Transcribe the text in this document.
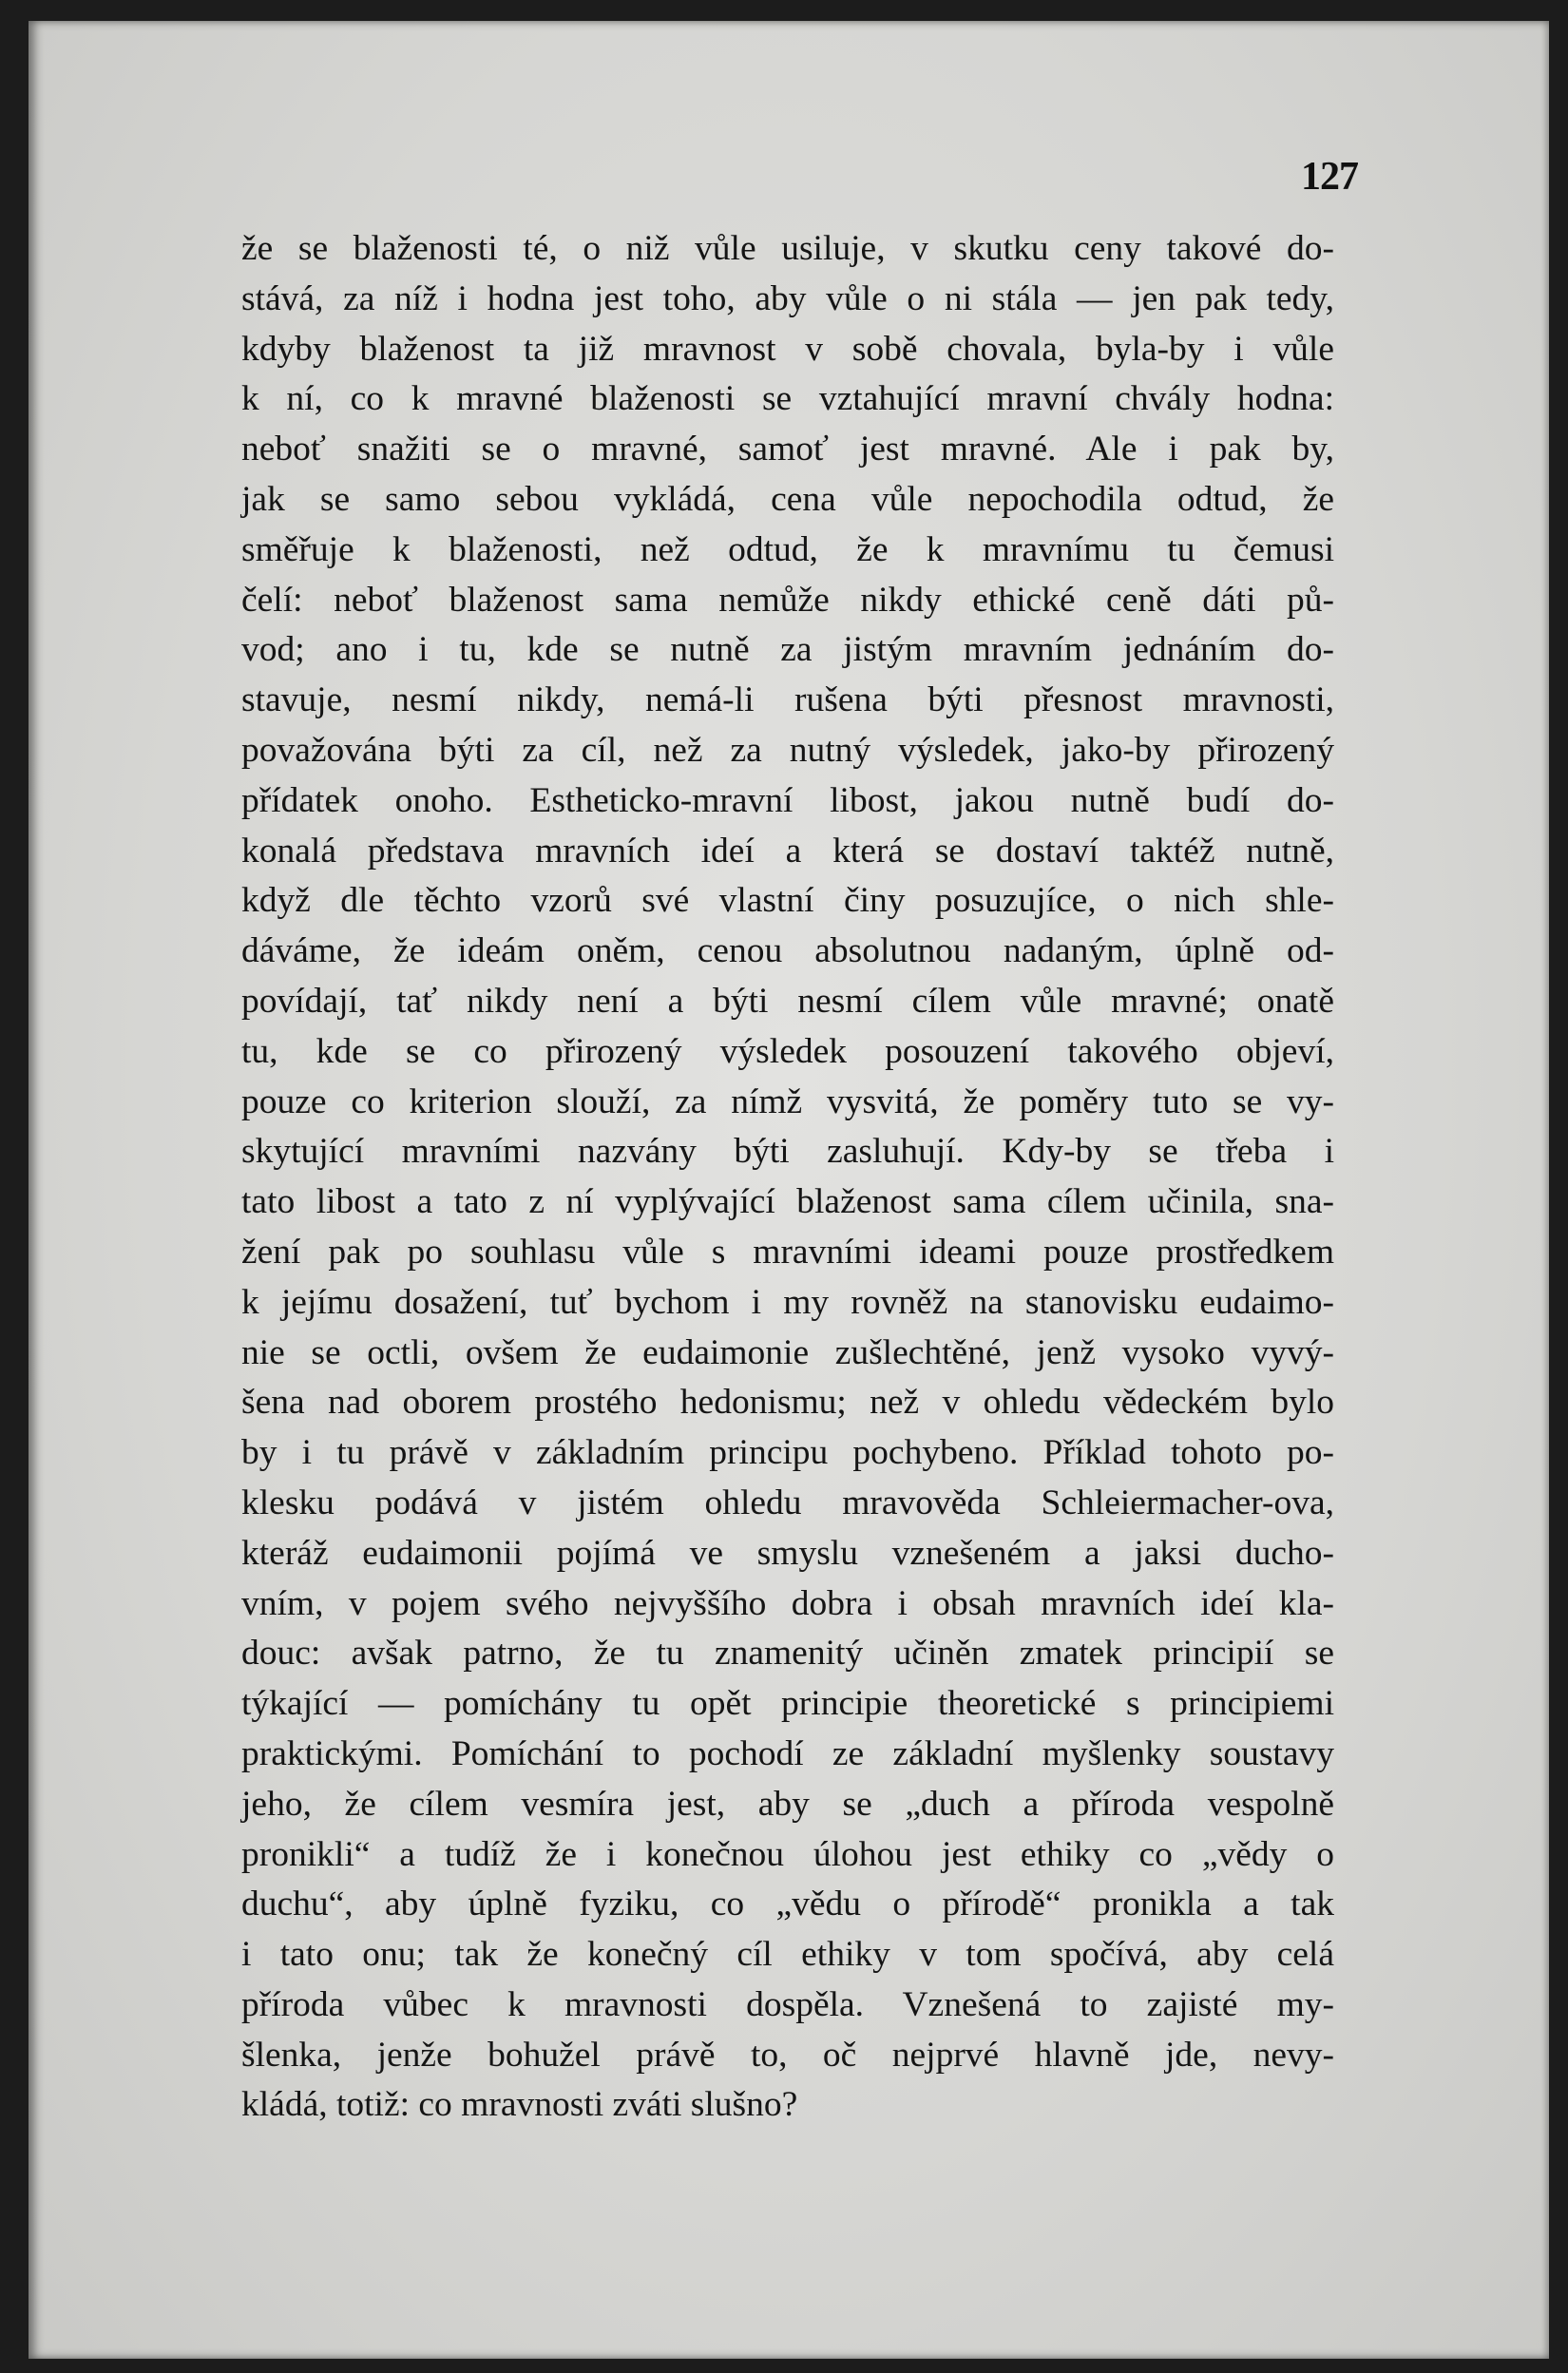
127
že se blaženosti té, o niž vůle usiluje, v skutku ceny takové do-
stává, za níž i hodna jest toho, aby vůle o ni stála — jen pak tedy,
kdyby blaženost ta již mravnost v sobě chovala, byla-by i vůle
k ní, co k mravné blaženosti se vztahující mravní chvály hodna:
neboť snažiti se o mravné, samoť jest mravné. Ale i pak by,
jak se samo sebou vykládá, cena vůle nepochodila odtud, že
směřuje k blaženosti, než odtud, že k mravnímu tu čemusi
čelí: neboť blaženost sama nemůže nikdy ethické ceně dáti pů-
vod; ano i tu, kde se nutně za jistým mravním jednáním do-
stavuje, nesmí nikdy, nemá-li rušena býti přesnost mravnosti,
považována býti za cíl, než za nutný výsledek, jako-by přirozený
přídatek onoho. Estheticko-mravní libost, jakou nutně budí do-
konalá představa mravních ideí a která se dostaví taktéž nutně,
když dle těchto vzorů své vlastní činy posuzujíce, o nich shle-
dáváme, že ideám oněm, cenou absolutnou nadaným, úplně od-
povídají, tať nikdy není a býti nesmí cílem vůle mravné; onatě
tu, kde se co přirozený výsledek posouzení takového objeví,
pouze co kriterion slouží, za nímž vysvitá, že poměry tuto se vy-
skytující mravními nazvány býti zasluhují. Kdy-by se třeba i
tato libost a tato z ní vyplývající blaženost sama cílem učinila, sna-
žení pak po souhlasu vůle s mravními ideami pouze prostředkem
k jejímu dosažení, tuť bychom i my rovněž na stanovisku eudaimo-
nie se octli, ovšem že eudaimonie zušlechtěné, jenž vysoko vyvý-
šena nad oborem prostého hedonismu; než v ohledu vědeckém bylo
by i tu právě v základním principu pochybeno. Příklad tohoto po-
klesku podává v jistém ohledu mravověda Schleiermacher-ova,
kteráž eudaimonii pojímá ve smyslu vznešeném a jaksi ducho-
vním, v pojem svého nejvyššího dobra i obsah mravních ideí kla-
douc: avšak patrno, že tu znamenitý učiněn zmatek principií se
týkající — pomíchány tu opět principie theoretické s principiemi
praktickými. Pomíchání to pochodí ze základní myšlenky soustavy
jeho, že cílem vesmíra jest, aby se „duch a příroda vespolně
pronikli“ a tudíž že i konečnou úlohou jest ethiky co „vědy o
duchu“, aby úplně fyziku, co „vědu o přírodě“ pronikla a tak
i tato onu; tak že konečný cíl ethiky v tom spočívá, aby celá
příroda vůbec k mravnosti dospěla. Vznešená to zajisté my-
šlenka, jenže bohužel právě to, oč nejprvé hlavně jde, nevy-
kládá, totiž: co mravnosti zváti slušno?
